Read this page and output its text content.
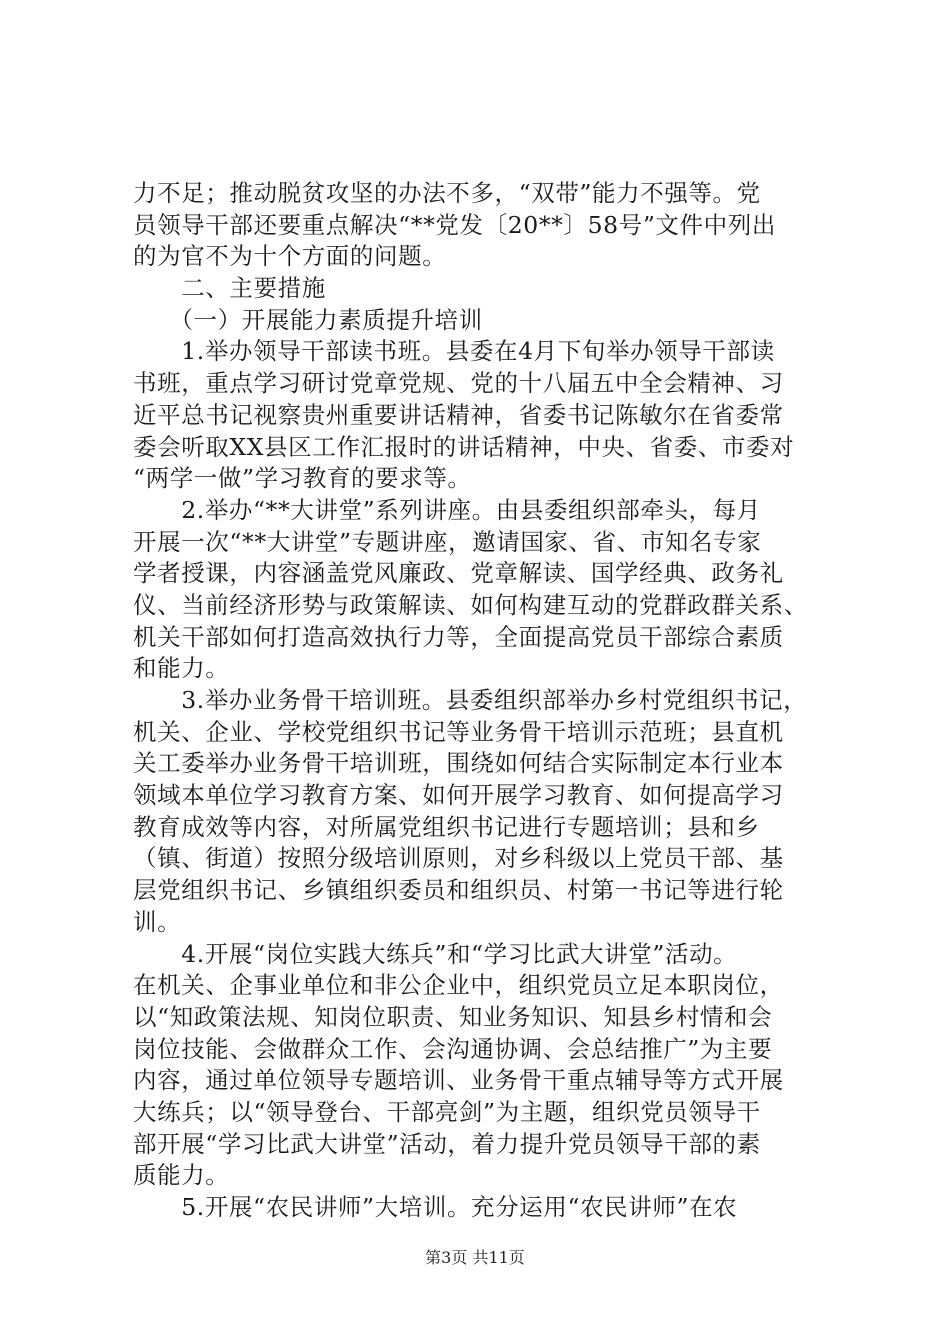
力不足；推动脱贫攻坚的办法不多，“双带”能力不强等。党
员领导干部还要重点解决“**党发〔20**〕58号”文件中列出
的为官不为十个方面的问题。
　　二、主要措施
　　（一）开展能力素质提升培训
　　1.举办领导干部读书班。县委在4月下旬举办领导干部读
书班，重点学习研讨党章党规、党的十八届五中全会精神、习
近平总书记视察贵州重要讲话精神，省委书记陈敏尔在省委常
委会听取XX县区工作汇报时的讲话精神，中央、省委、市委对
“两学一做”学习教育的要求等。
　　2.举办“**大讲堂”系列讲座。由县委组织部牵头，每月
开展一次“**大讲堂”专题讲座，邀请国家、省、市知名专家
学者授课，内容涵盖党风廉政、党章解读、国学经典、政务礼
仪、当前经济形势与政策解读、如何构建互动的党群政群关系、
机关干部如何打造高效执行力等，全面提高党员干部综合素质
和能力。
　　3.举办业务骨干培训班。县委组织部举办乡村党组织书记，
机关、企业、学校党组织书记等业务骨干培训示范班；县直机
关工委举办业务骨干培训班，围绕如何结合实际制定本行业本
领域本单位学习教育方案、如何开展学习教育、如何提高学习
教育成效等内容，对所属党组织书记进行专题培训；县和乡
（镇、街道）按照分级培训原则，对乡科级以上党员干部、基
层党组织书记、乡镇组织委员和组织员、村第一书记等进行轮
训。
　　4.开展“岗位实践大练兵”和“学习比武大讲堂”活动。
在机关、企事业单位和非公企业中，组织党员立足本职岗位，
以“知政策法规、知岗位职责、知业务知识、知县乡村情和会
岗位技能、会做群众工作、会沟通协调、会总结推广”为主要
内容，通过单位领导专题培训、业务骨干重点辅导等方式开展
大练兵；以“领导登台、干部亮剑”为主题，组织党员领导干
部开展“学习比武大讲堂”活动，着力提升党员领导干部的素
质能力。
　　5.开展“农民讲师”大培训。充分运用“农民讲师”在农
第3页 共11页
